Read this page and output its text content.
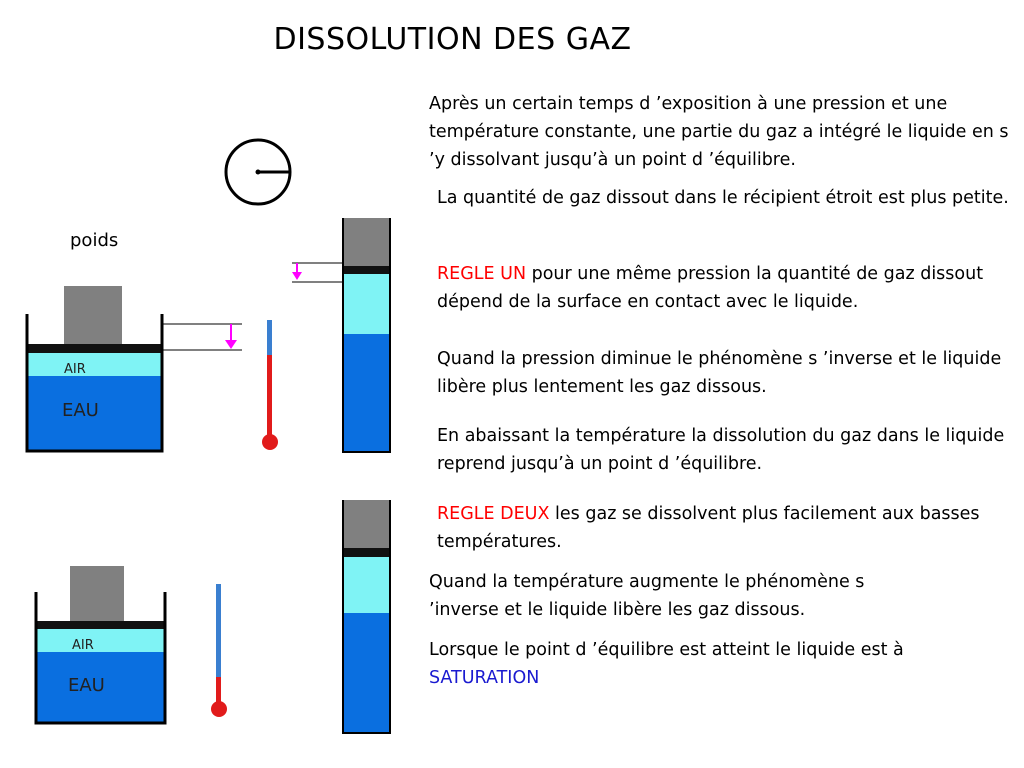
DISSOLUTION DES GAZ
poids
AIR
EAU
AIR
EAU

Après un certain temps d ’exposition à une pression et une température constante, une partie du gaz a intégré le liquide en s ’y dissolvant jusqu’à un point d ’équilibre.

La quantité de gaz dissout dans le récipient étroit est plus petite.

REGLE UN pour une même pression la quantité de gaz dissout dépend de la surface en contact avec le liquide.

Quand la pression diminue le phénomène s ’inverse et le liquide libère plus lentement les gaz dissous.

En abaissant la température la dissolution du gaz dans le liquide reprend jusqu’à un point d ’équilibre.

REGLE DEUX les gaz se dissolvent plus facilement aux basses températures.

Quand la température augmente le phénomène s ’inverse et le liquide libère les gaz dissous.

Lorsque le point d ’équilibre est atteint le liquide est à SATURATION
